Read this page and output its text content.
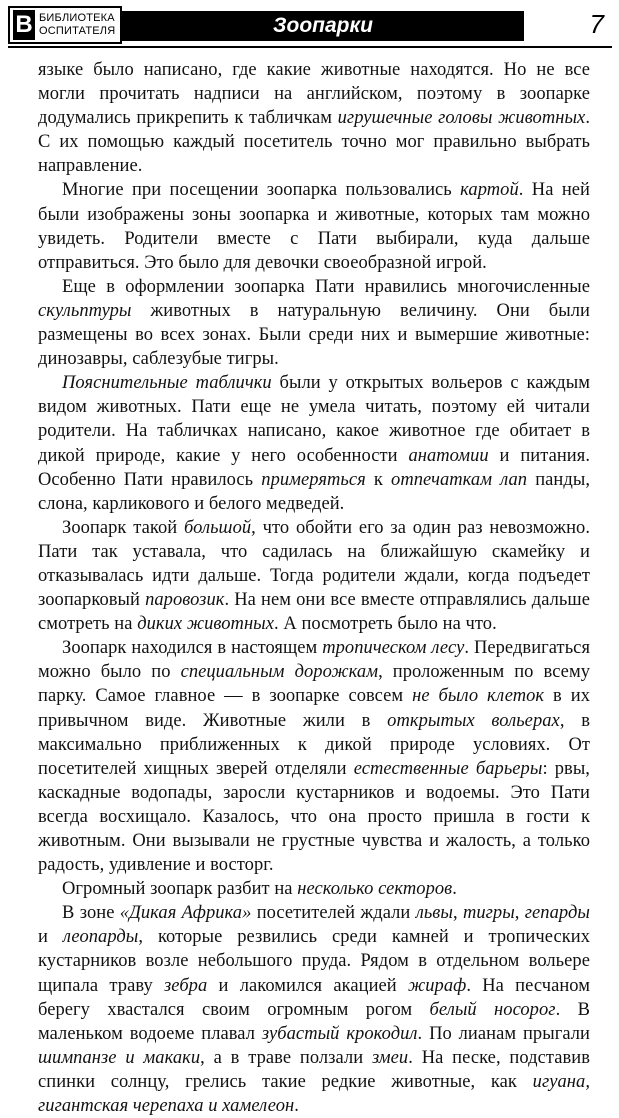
В БИБЛИОТЕКА
ОСПИТАТЕЛЯ	Зоопарки	7

языке было написано, где какие животные находятся. Но не все могли прочитать надписи на английском, поэтому в зоопарке додумались прикрепить к табличкам игрушечные головы животных. С их помощью каждый посетитель точно мог правильно выбрать направление.

Многие при посещении зоопарка пользовались картой. На ней были изображены зоны зоопарка и животные, которых там можно увидеть. Родители вместе с Пати выбирали, куда дальше отправиться. Это было для девочки своеобразной игрой.

Еще в оформлении зоопарка Пати нравились многочисленные скульптуры животных в натуральную величину. Они были размещены во всех зонах. Были среди них и вымершие животные: динозавры, саблезубые тигры.

Пояснительные таблички были у открытых вольеров с каждым видом животных. Пати еще не умела читать, поэтому ей читали родители. На табличках написано, какое животное где обитает в дикой природе, какие у него особенности анатомии и питания. Особенно Пати нравилось примеряться к отпечаткам лап панды, слона, карликового и белого медведей.

Зоопарк такой большой, что обойти его за один раз невозможно. Пати так уставала, что садилась на ближайшую скамейку и отказывалась идти дальше. Тогда родители ждали, когда подъедет зоопарковый паровозик. На нем они все вместе отправлялись дальше смотреть на диких животных. А посмотреть было на что.

Зоопарк находился в настоящем тропическом лесу. Передвигаться можно было по специальным дорожкам, проложенным по всему парку. Самое главное — в зоопарке совсем не было клеток в их привычном виде. Животные жили в открытых вольерах, в максимально приближенных к дикой природе условиях. От посетителей хищных зверей отделяли естественные барьеры: рвы, каскадные водопады, заросли кустарников и водоемы. Это Пати всегда восхищало. Казалось, что она просто пришла в гости к животным. Они вызывали не грустные чувства и жалость, а только радость, удивление и восторг.

Огромный зоопарк разбит на несколько секторов.

В зоне «Дикая Африка» посетителей ждали львы, тигры, гепарды и леопарды, которые резвились среди камней и тропических кустарников возле небольшого пруда. Рядом в отдельном вольере щипала траву зебра и лакомился акацией жираф. На песчаном берегу хвастался своим огромным рогом белый носорог. В маленьком водоеме плавал зубастый крокодил. По лианам прыгали шимпанзе и макаки, а в траве ползали змеи. На песке, подставив спинки солнцу, грелись такие редкие животные, как игуана, гигантская черепаха и хамелеон.
